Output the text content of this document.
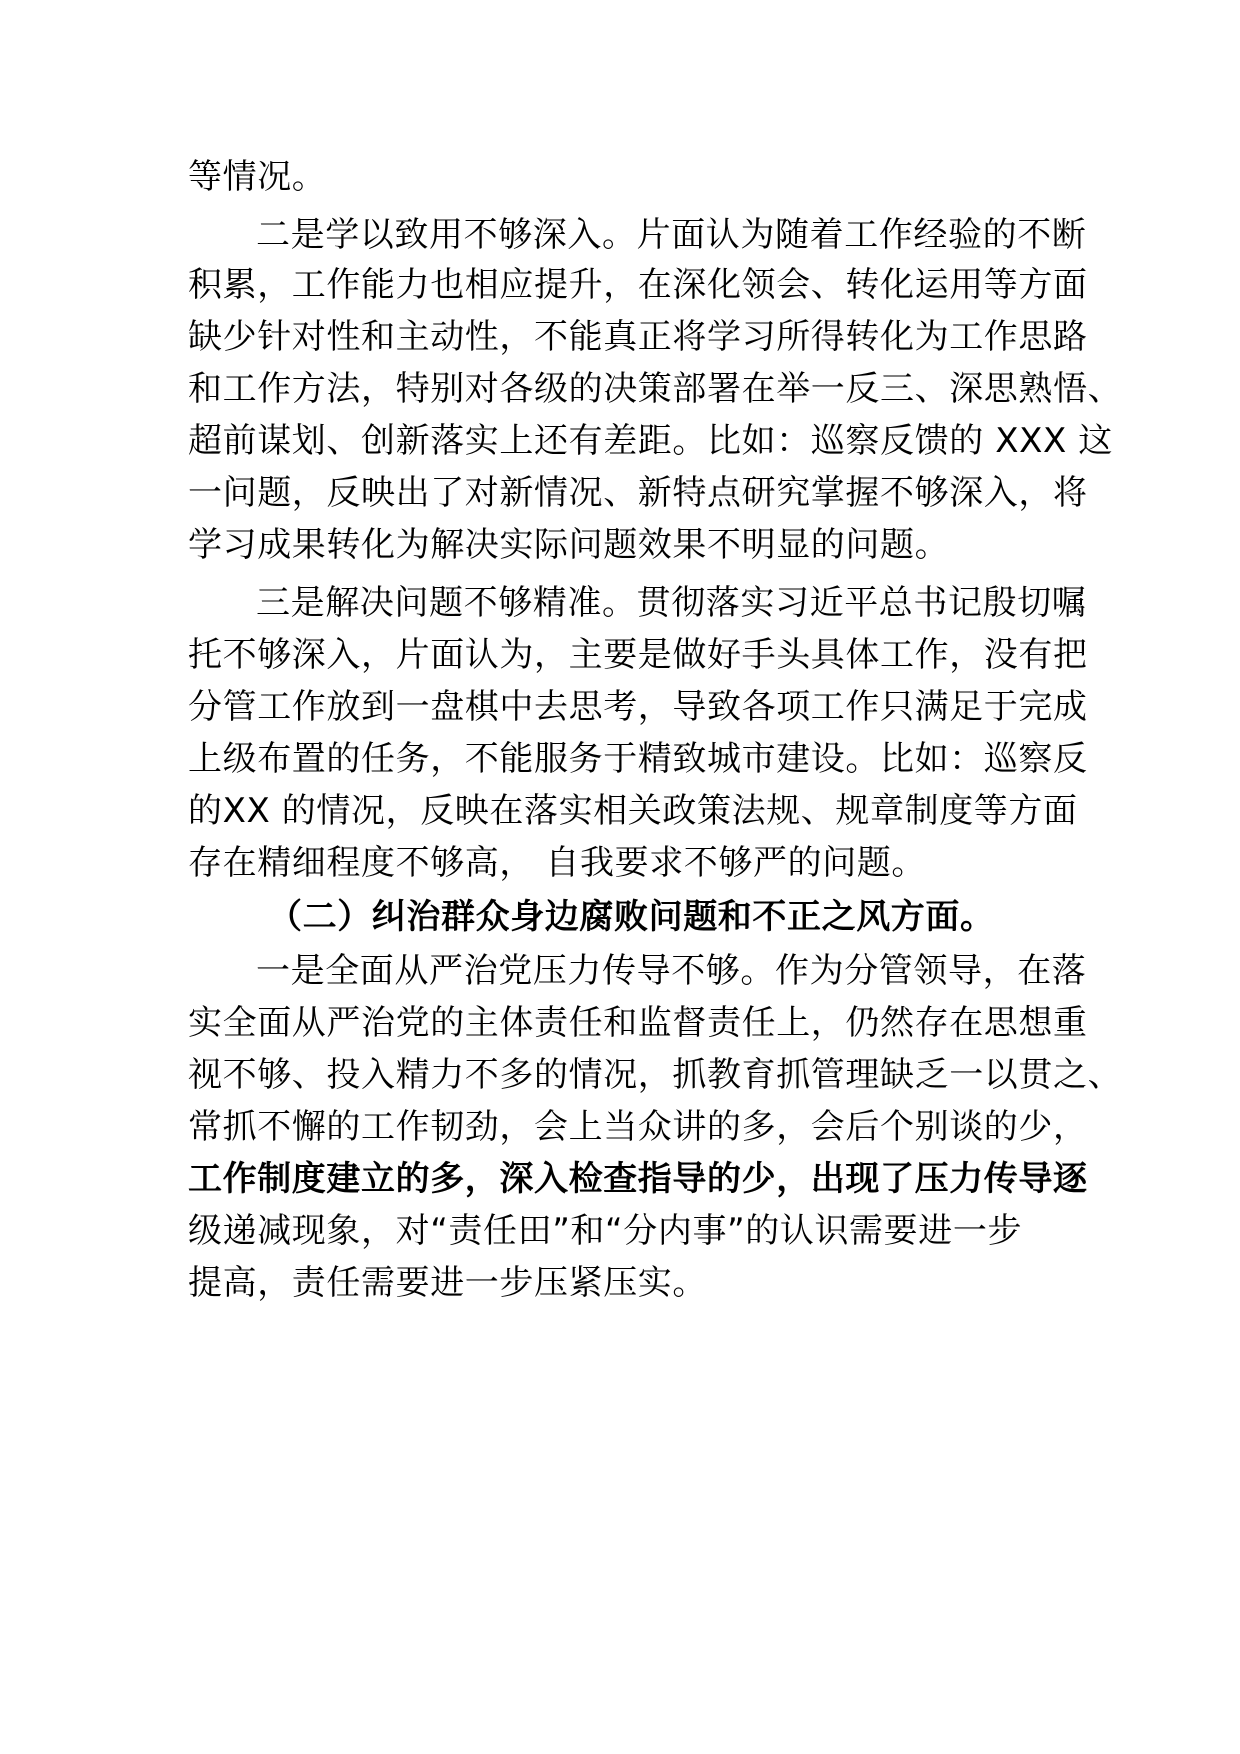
等情况。
二是学以致用不够深入。片面认为随着工作经验的不断
积累，工作能力也相应提升，在深化领会、转化运用等方面
缺少针对性和主动性，不能真正将学习所得转化为工作思路
和工作方法，特别对各级的决策部署在举一反三、深思熟悟、
超前谋划、创新落实上还有差距。比如：巡察反馈的 XXX 这
一问题，反映出了对新情况、新特点研究掌握不够深入，将
学习成果转化为解决实际问题效果不明显的问题。
三是解决问题不够精准。贯彻落实习近平总书记殷切嘱
托不够深入，片面认为，主要是做好手头具体工作，没有把
分管工作放到一盘棋中去思考，导致各项工作只满足于完成
上级布置的任务，不能服务于精致城市建设。比如：巡察反
的XX 的情况，反映在落实相关政策法规、规章制度等方面
存在精细程度不够高， 自我要求不够严的问题。
（二）纠治群众身边腐败问题和不正之风方面。
一是全面从严治党压力传导不够。作为分管领导，在落
实全面从严治党的主体责任和监督责任上，仍然存在思想重
视不够、投入精力不多的情况，抓教育抓管理缺乏一以贯之、
常抓不懈的工作韧劲，会上当众讲的多，会后个别谈的少，
工作制度建立的多，深入检查指导的少，出现了压力传导逐
级递减现象，对“责任田”和“分内事”的认识需要进一步
提高，责任需要进一步压紧压实。
